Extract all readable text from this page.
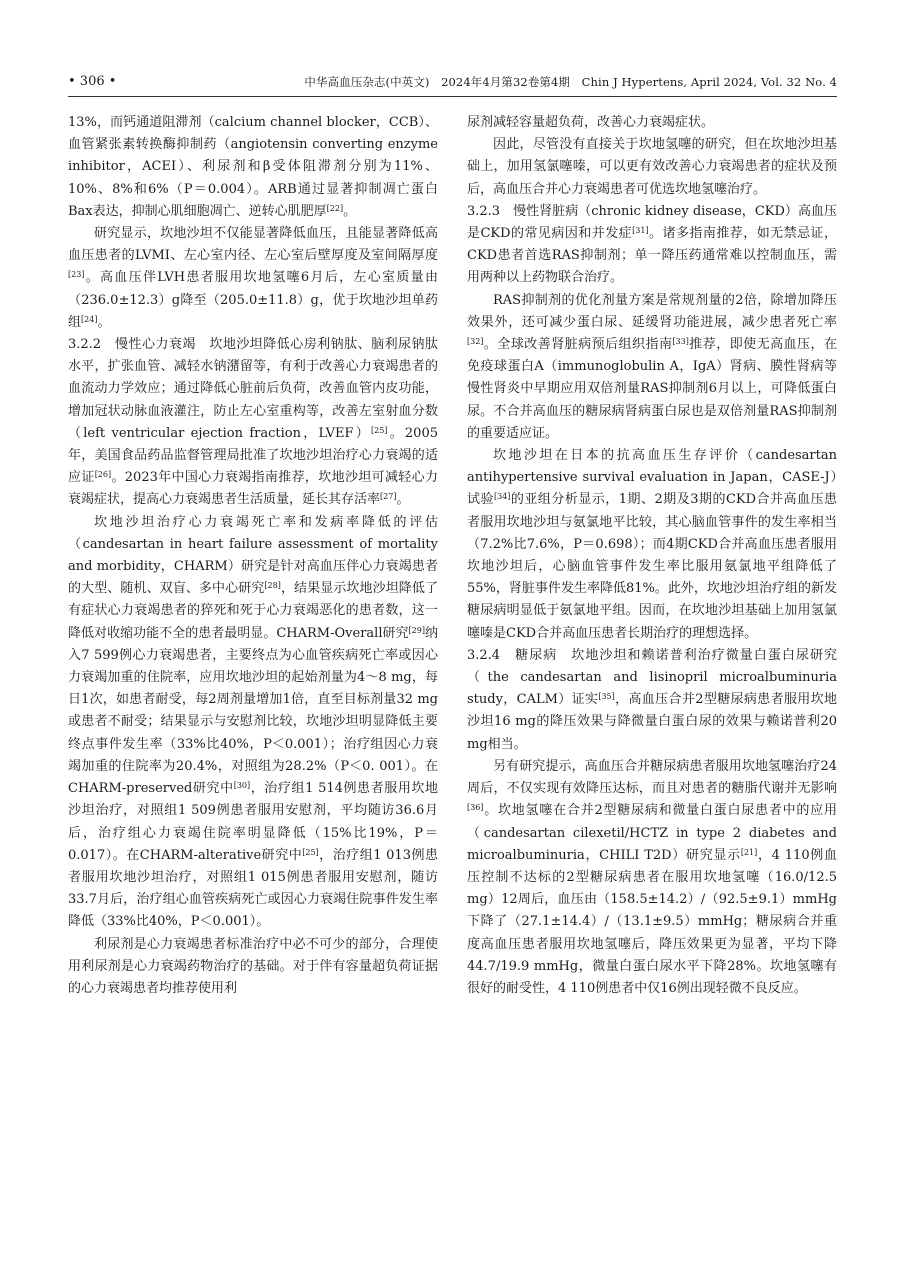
• 306 •	中华高血压杂志(中英文)　2024年4月第32卷第4期　Chin J Hypertens, April 2024, Vol. 32 No. 4

13%，而钙通道阻滞剂（calcium channel blocker，CCB）、血管紧张素转换酶抑制药（angiotensin converting enzyme inhibitor，ACEI）、利尿剂和β受体阻滞剂分别为11%、10%、8%和6%（P＝0.004）。ARB通过显著抑制凋亡蛋白Bax表达，抑制心肌细胞凋亡、逆转心肌肥厚[22]。

研究显示，坎地沙坦不仅能显著降低血压，且能显著降低高血压患者的LVMI、左心室内径、左心室后壁厚度及室间隔厚度[23]。高血压伴LVH患者服用坎地氢噻6月后，左心室质量由（236.0±12.3）g降至（205.0±11.8）g，优于坎地沙坦单药组[24]。

3.2.2　慢性心力衰竭　坎地沙坦降低心房利钠肽、脑利尿钠肽水平，扩张血管、减轻水钠潴留等，有利于改善心力衰竭患者的血流动力学效应；通过降低心脏前后负荷，改善血管内皮功能，增加冠状动脉血液灌注，防止左心室重构等，改善左室射血分数（left ventricular ejection fraction，LVEF）[25]。2005年，美国食品药品监督管理局批准了坎地沙坦治疗心力衰竭的适应证[26]。2023年中国心力衰竭指南推荐，坎地沙坦可减轻心力衰竭症状，提高心力衰竭患者生活质量，延长其存活率[27]。

坎地沙坦治疗心力衰竭死亡率和发病率降低的评估（candesartan in heart failure assessment of mortality and morbidity，CHARM）研究是针对高血压伴心力衰竭患者的大型、随机、双盲、多中心研究[28]，结果显示坎地沙坦降低了有症状心力衰竭患者的猝死和死于心力衰竭恶化的患者数，这一降低对收缩功能不全的患者最明显。CHARM-Overall研究[29]纳入7 599例心力衰竭患者，主要终点为心血管疾病死亡率或因心力衰竭加重的住院率，应用坎地沙坦的起始剂量为4～8 mg，每日1次，如患者耐受，每2周剂量增加1倍，直至目标剂量32 mg或患者不耐受；结果显示与安慰剂比较，坎地沙坦明显降低主要终点事件发生率（33%比40%，P＜0.001）；治疗组因心力衰竭加重的住院率为20.4%，对照组为28.2%（P＜0. 001）。在CHARM-preserved研究中[30]，治疗组1 514例患者服用坎地沙坦治疗，对照组1 509例患者服用安慰剂，平均随访36.6月后，治疗组心力衰竭住院率明显降低（15%比19%，P＝0.017）。在CHARM-alterative研究中[25]，治疗组1 013例患者服用坎地沙坦治疗，对照组1 015例患者服用安慰剂，随访33.7月后，治疗组心血管疾病死亡或因心力衰竭住院事件发生率降低（33%比40%，P＜0.001）。

利尿剂是心力衰竭患者标准治疗中必不可少的部分，合理使用利尿剂是心力衰竭药物治疗的基础。对于伴有容量超负荷证据的心力衰竭患者均推荐使用利

尿剂减轻容量超负荷，改善心力衰竭症状。

因此，尽管没有直接关于坎地氢噻的研究，但在坎地沙坦基础上，加用氢氯噻嗪，可以更有效改善心力衰竭患者的症状及预后，高血压合并心力衰竭患者可优选坎地氢噻治疗。

3.2.3　慢性肾脏病（chronic kidney disease，CKD）高血压是CKD的常见病因和并发症[31]。诸多指南推荐，如无禁忌证，CKD患者首选RAS抑制剂；单一降压药通常难以控制血压，需用两种以上药物联合治疗。

RAS抑制剂的优化剂量方案是常规剂量的2倍，除增加降压效果外，还可减少蛋白尿、延缓肾功能进展，减少患者死亡率[32]。全球改善肾脏病预后组织指南[33]推荐，即使无高血压，在免疫球蛋白A（immunoglobulin A，IgA）肾病、膜性肾病等慢性肾炎中早期应用双倍剂量RAS抑制剂6月以上，可降低蛋白尿。不合并高血压的糖尿病肾病蛋白尿也是双倍剂量RAS抑制剂的重要适应证。

坎地沙坦在日本的抗高血压生存评价（candesartan antihypertensive survival evaluation in Japan，CASE-J）试验[34]的亚组分析显示，1期、2期及3期的CKD合并高血压患者服用坎地沙坦与氨氯地平比较，其心脑血管事件的发生率相当（7.2%比7.6%，P＝0.698）；而4期CKD合并高血压患者服用坎地沙坦后，心脑血管事件发生率比服用氨氯地平组降低了55%，肾脏事件发生率降低81%。此外，坎地沙坦治疗组的新发糖尿病明显低于氨氯地平组。因而，在坎地沙坦基础上加用氢氯噻嗪是CKD合并高血压患者长期治疗的理想选择。

3.2.4　糖尿病　坎地沙坦和赖诺普利治疗微量白蛋白尿研究（the candesartan and lisinopril microalbuminuria study，CALM）证实[35]，高血压合并2型糖尿病患者服用坎地沙坦16 mg的降压效果与降微量白蛋白尿的效果与赖诺普利20 mg相当。

另有研究提示，高血压合并糖尿病患者服用坎地氢噻治疗24周后，不仅实现有效降压达标，而且对患者的糖脂代谢并无影响[36]。坎地氢噻在合并2型糖尿病和微量白蛋白尿患者中的应用（candesartan cilexetil/HCTZ in type 2 diabetes and microalbuminuria，CHILI T2D）研究显示[21]，4 110例血压控制不达标的2型糖尿病患者在服用坎地氢噻（16.0/12.5 mg）12周后，血压由（158.5±14.2）/（92.5±9.1）mmHg下降了（27.1±14.4）/（13.1±9.5）mmHg；糖尿病合并重度高血压患者服用坎地氢噻后，降压效果更为显著，平均下降44.7/19.9 mmHg，微量白蛋白尿水平下降28%。坎地氢噻有很好的耐受性，4 110例患者中仅16例出现轻微不良反应。
